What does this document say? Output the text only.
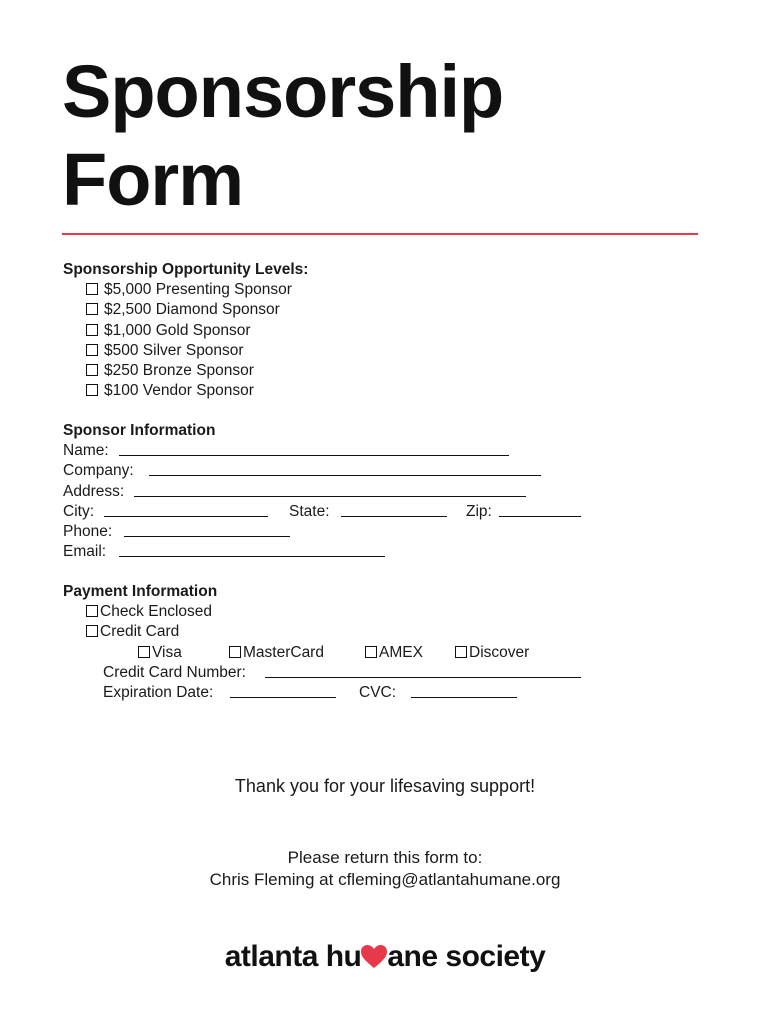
Sponsorship
Form
Sponsorship Opportunity Levels:
$5,000 Presenting Sponsor
$2,500 Diamond Sponsor
$1,000 Gold Sponsor
$500 Silver Sponsor
$250 Bronze Sponsor
$100 Vendor Sponsor
Sponsor Information
Name:
Company:
Address:
City:	State:	Zip:
Phone:
Email:
Payment Information
Check Enclosed
Credit Card
Visa	MasterCard	AMEX	Discover
Credit Card Number:
Expiration Date:	CVC:
Thank you for your lifesaving support!
Please return this form to:
Chris Fleming at cfleming@atlantahumane.org
atlanta hu ane society
